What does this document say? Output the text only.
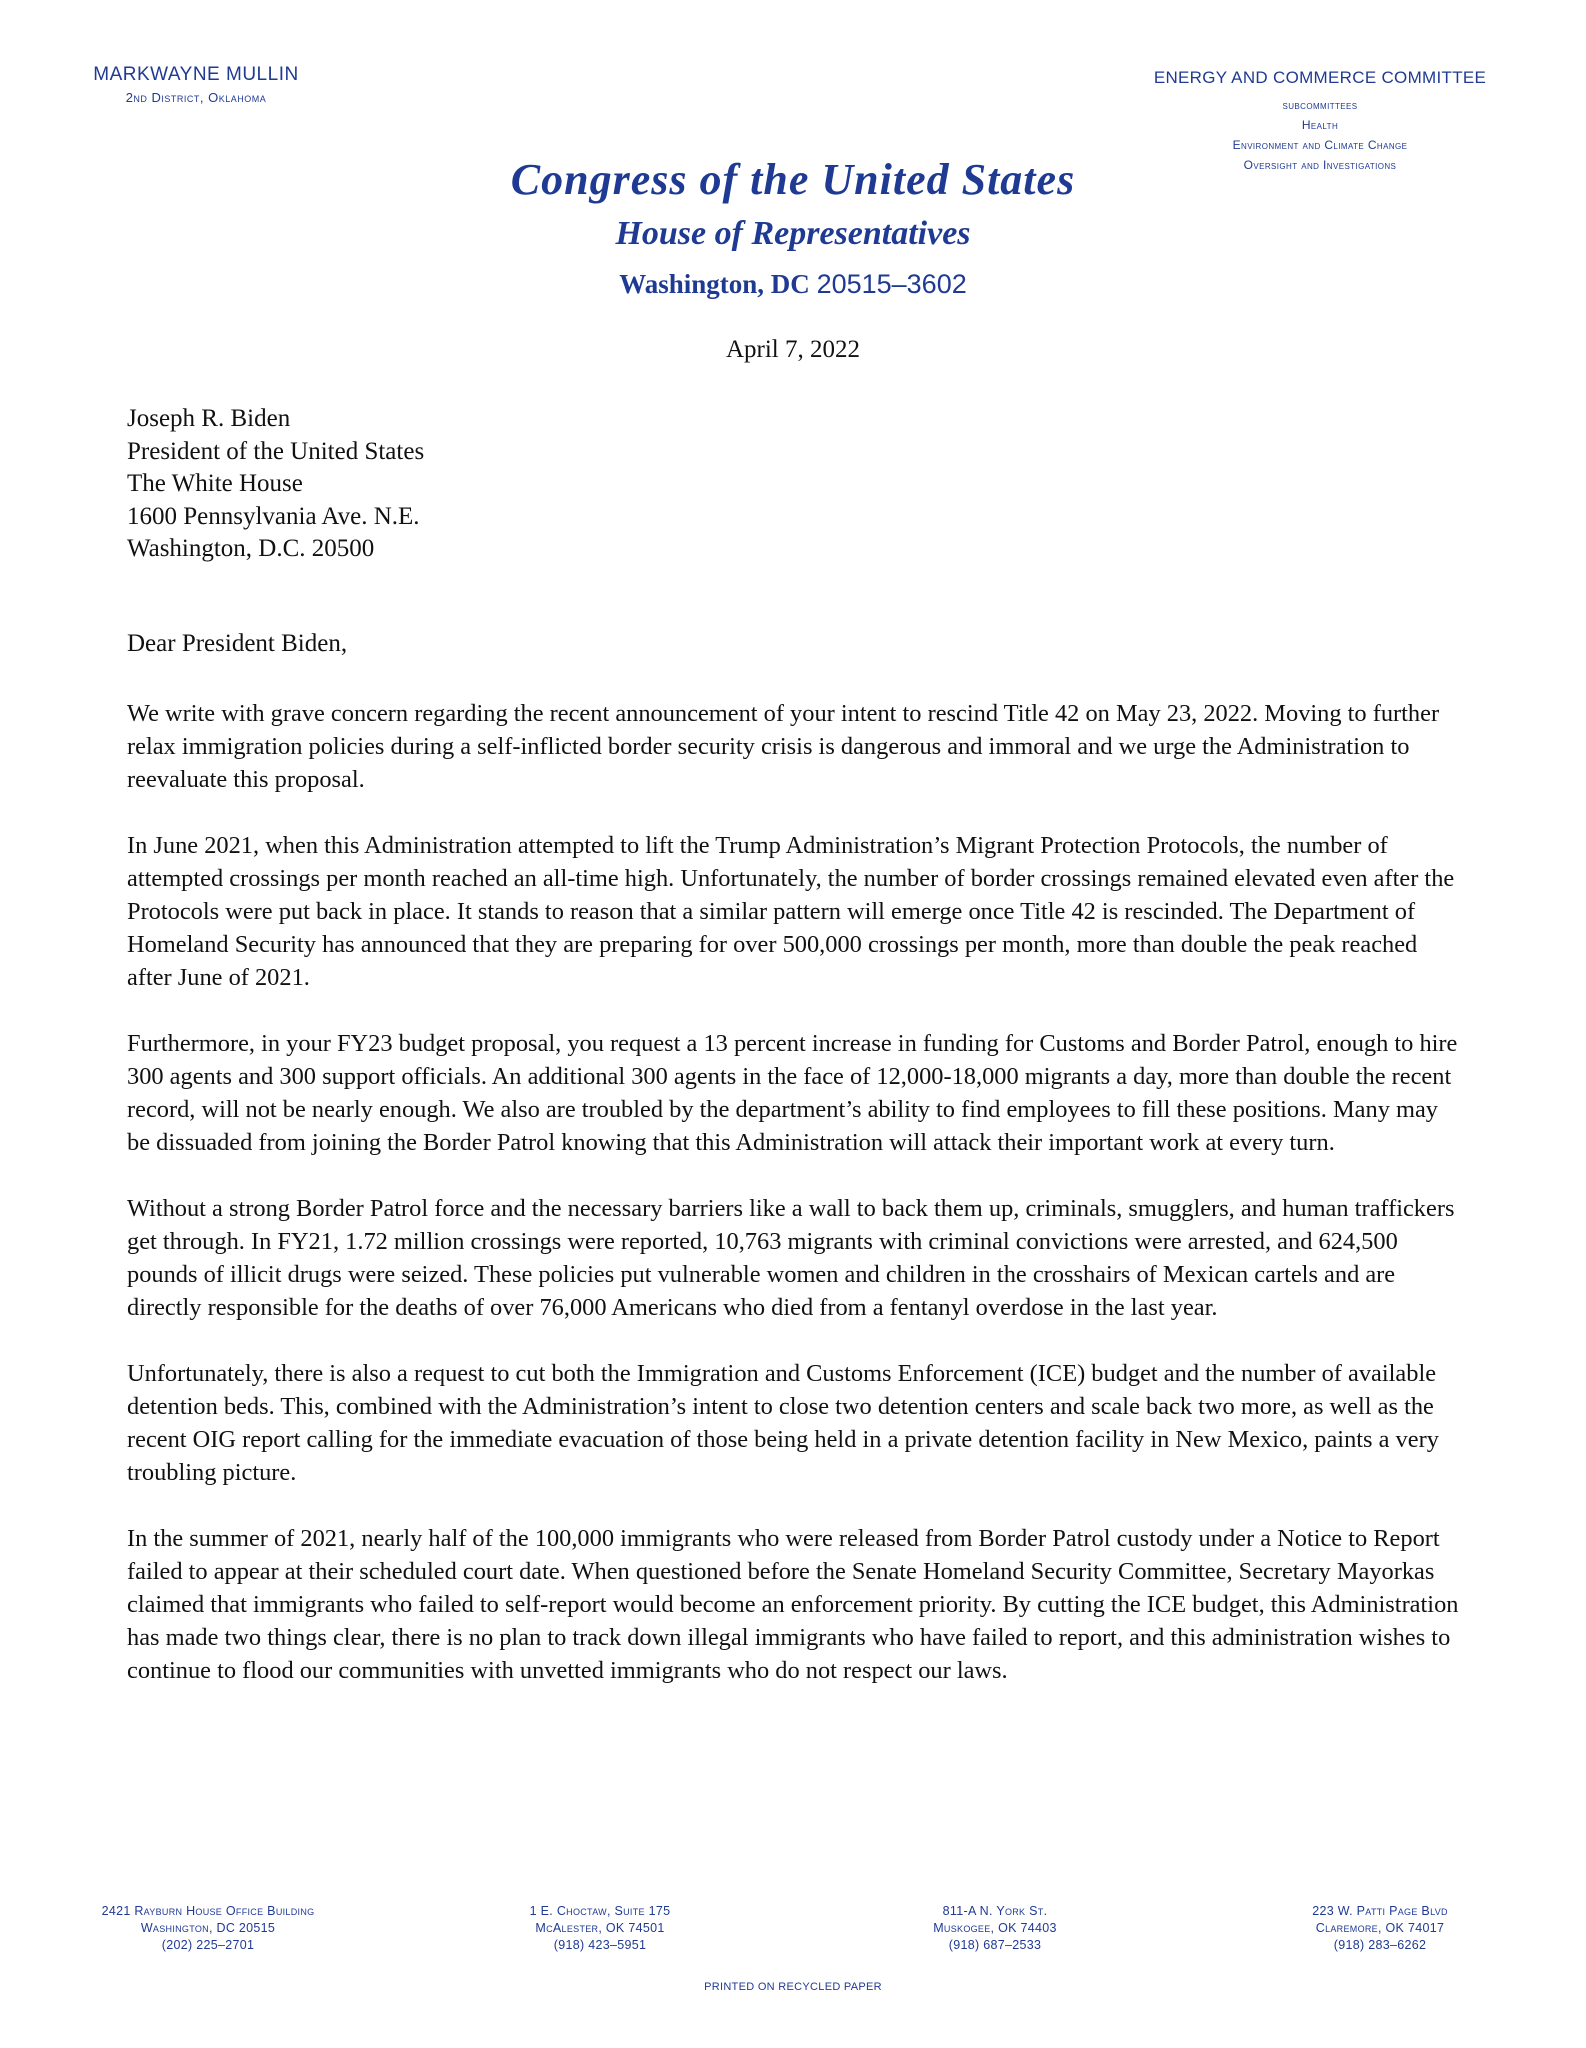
MARKWAYNE MULLIN
2nd District, Oklahoma
ENERGY AND COMMERCE COMMITTEE
subcommittees
Health
Environment and Climate Change
Oversight and Investigations
Congress of the United States
House of Representatives
Washington, DC 20515–3602
April 7, 2022
Joseph R. Biden
President of the United States
The White House
1600 Pennsylvania Ave. N.E.
Washington, D.C. 20500
Dear President Biden,

We write with grave concern regarding the recent announcement of your intent to rescind Title 42 on May 23, 2022. Moving to further relax immigration policies during a self-inflicted border security crisis is dangerous and immoral and we urge the Administration to reevaluate this proposal.

In June 2021, when this Administration attempted to lift the Trump Administration’s Migrant Protection Protocols, the number of attempted crossings per month reached an all-time high. Unfortunately, the number of border crossings remained elevated even after the Protocols were put back in place. It stands to reason that a similar pattern will emerge once Title 42 is rescinded. The Department of Homeland Security has announced that they are preparing for over 500,000 crossings per month, more than double the peak reached after June of 2021.

Furthermore, in your FY23 budget proposal, you request a 13 percent increase in funding for Customs and Border Patrol, enough to hire 300 agents and 300 support officials. An additional 300 agents in the face of 12,000-18,000 migrants a day, more than double the recent record, will not be nearly enough. We also are troubled by the department’s ability to find employees to fill these positions. Many may be dissuaded from joining the Border Patrol knowing that this Administration will attack their important work at every turn.

Without a strong Border Patrol force and the necessary barriers like a wall to back them up, criminals, smugglers, and human traffickers get through. In FY21, 1.72 million crossings were reported, 10,763 migrants with criminal convictions were arrested, and 624,500 pounds of illicit drugs were seized. These policies put vulnerable women and children in the crosshairs of Mexican cartels and are directly responsible for the deaths of over 76,000 Americans who died from a fentanyl overdose in the last year.

Unfortunately, there is also a request to cut both the Immigration and Customs Enforcement (ICE) budget and the number of available detention beds. This, combined with the Administration’s intent to close two detention centers and scale back two more, as well as the recent OIG report calling for the immediate evacuation of those being held in a private detention facility in New Mexico, paints a very troubling picture.

In the summer of 2021, nearly half of the 100,000 immigrants who were released from Border Patrol custody under a Notice to Report failed to appear at their scheduled court date. When questioned before the Senate Homeland Security Committee, Secretary Mayorkas claimed that immigrants who failed to self-report would become an enforcement priority. By cutting the ICE budget, this Administration has made two things clear, there is no plan to track down illegal immigrants who have failed to report, and this administration wishes to continue to flood our communities with unvetted immigrants who do not respect our laws.

2421 Rayburn House Office Building
Washington, DC 20515
(202) 225–2701
1 E. Choctaw, Suite 175
McAlester, OK 74501
(918) 423–5951
811-A N. York St.
Muskogee, OK 74403
(918) 687–2533
223 W. Patti Page Blvd
Claremore, OK 74017
(918) 283–6262
PRINTED ON RECYCLED PAPER
